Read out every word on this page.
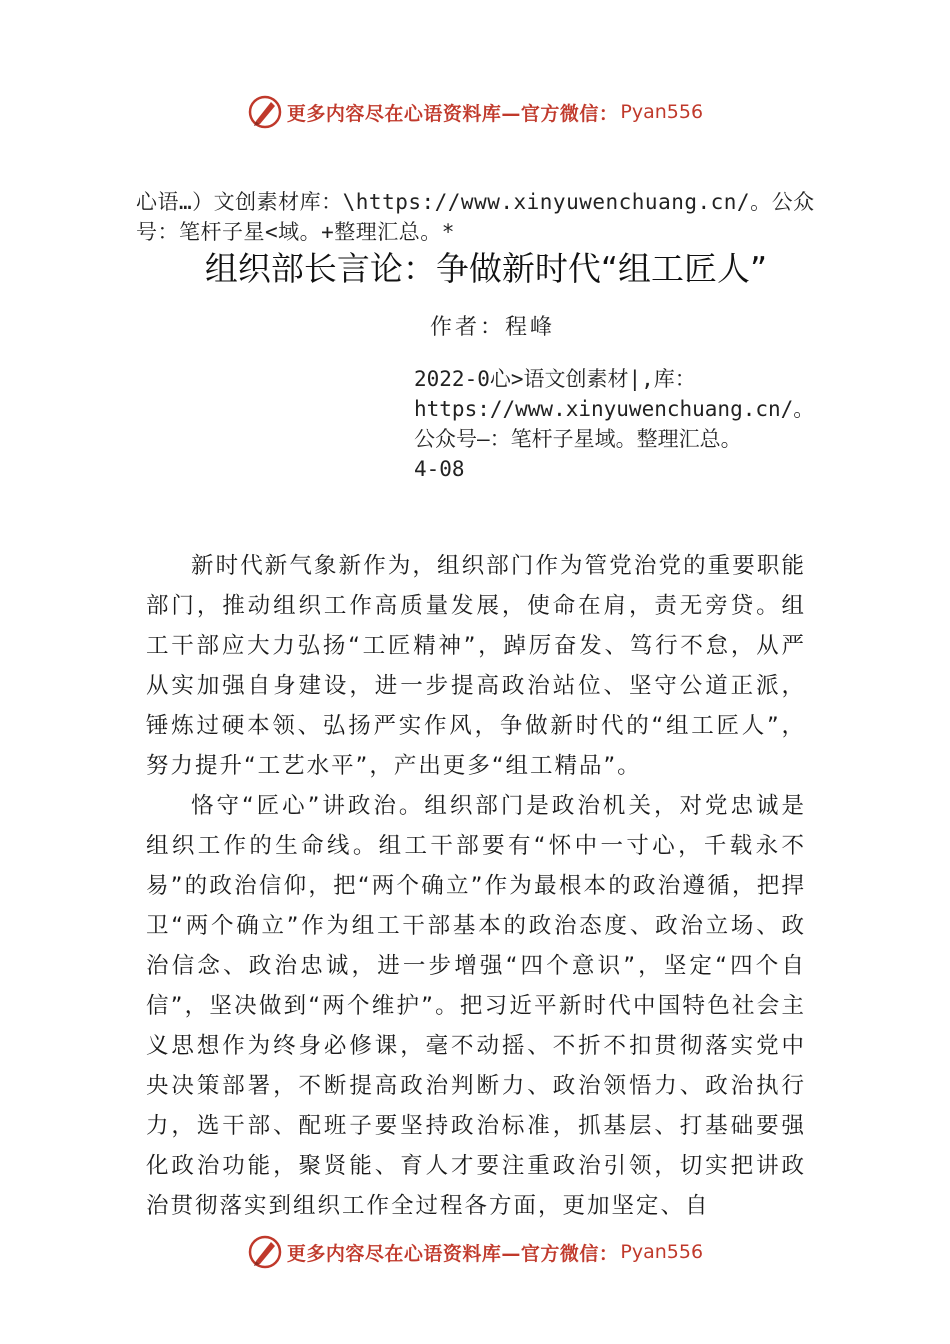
更多内容尽在心语资料库—官方微信： Pyan556
心语…）文创素材库：\https://www.xinyuwenchuang.cn/。公众号：笔杆子星<域。+整理汇总。*
组织部长言论：争做新时代“组工匠人”
作者：程峰
2022-0心>语文创素材|,库：
https://www.xinyuwenchuang.cn/。
公众号—：笔杆子星域。整理汇总。
4-08

新时代新气象新作为，组织部门作为管党治党的重要职能部门，推动组织工作高质量发展，使命在肩，责无旁贷。组工干部应大力弘扬“工匠精神”，踔厉奋发、笃行不怠，从严从实加强自身建设，进一步提高政治站位、坚守公道正派，锤炼过硬本领、弘扬严实作风，争做新时代的“组工匠人”，努力提升“工艺水平”，产出更多“组工精品”。

恪守“匠心”讲政治。组织部门是政治机关，对党忠诚是组织工作的生命线。组工干部要有“怀中一寸心，千载永不易”的政治信仰，把“两个确立”作为最根本的政治遵循，把捍卫“两个确立”作为组工干部基本的政治态度、政治立场、政治信念、政治忠诚，进一步增强“四个意识”，坚定“四个自信”，坚决做到“两个维护”。把习近平新时代中国特色社会主义思想作为终身必修课，毫不动摇、不折不扣贯彻落实党中央决策部署，不断提高政治判断力、政治领悟力、政治执行力，选干部、配班子要坚持政治标准，抓基层、打基础要强化政治功能，聚贤能、育人才要注重政治引领，切实把讲政治贯彻落实到组织工作全过程各方面，更加坚定、自

更多内容尽在心语资料库—官方微信： Pyan556
